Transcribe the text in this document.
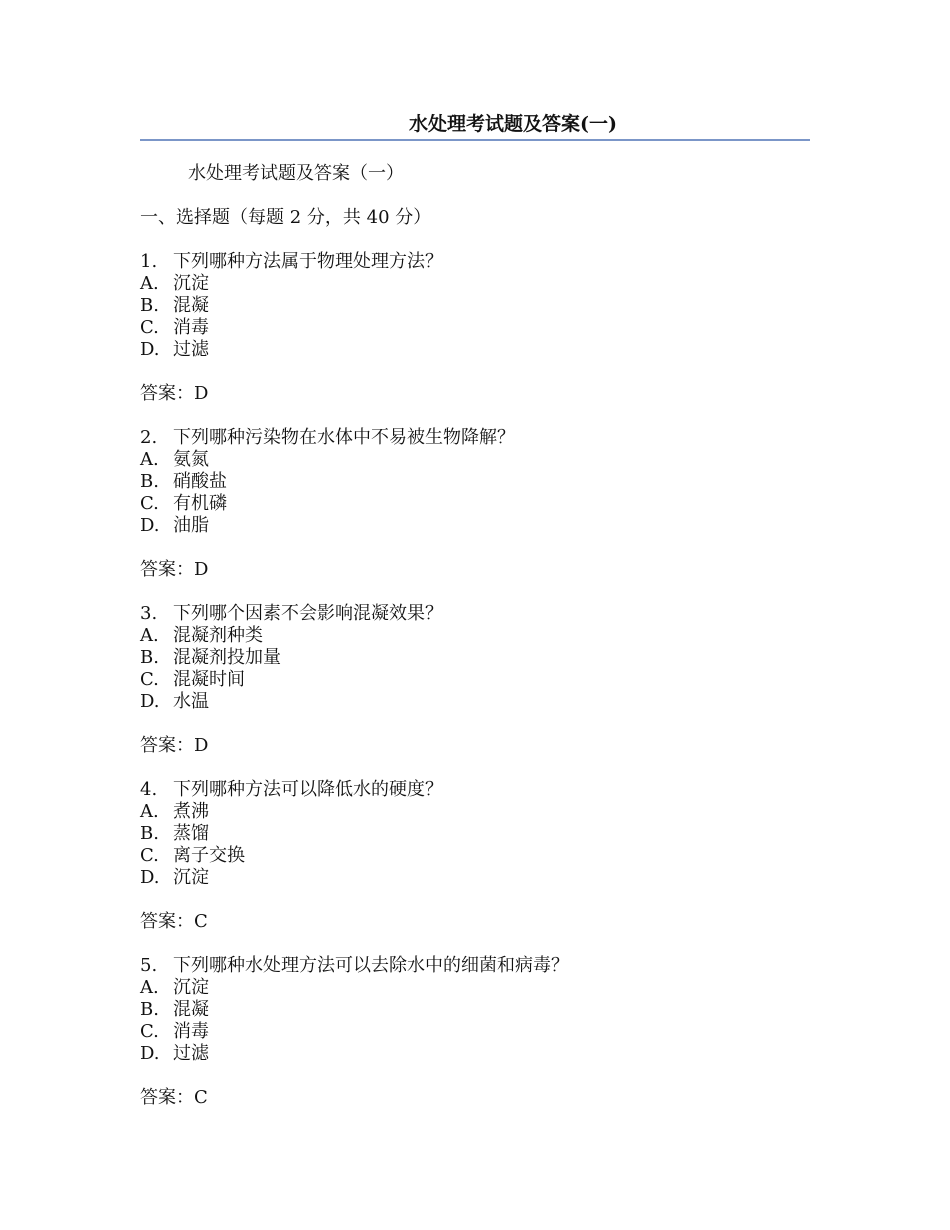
水处理考试题及答案(一)

水处理考试题及答案（一）

一、选择题（每题 2 分，共 40 分）

1. 下列哪种方法属于物理处理方法？

A. 沉淀

B. 混凝

C. 消毒

D. 过滤

答案：D

2. 下列哪种污染物在水体中不易被生物降解？

A. 氨氮

B. 硝酸盐

C. 有机磷

D. 油脂

答案：D

3. 下列哪个因素不会影响混凝效果？

A. 混凝剂种类

B. 混凝剂投加量

C. 混凝时间

D. 水温

答案：D

4. 下列哪种方法可以降低水的硬度？

A. 煮沸

B. 蒸馏

C. 离子交换

D. 沉淀

答案：C

5. 下列哪种水处理方法可以去除水中的细菌和病毒？

A. 沉淀

B. 混凝

C. 消毒

D. 过滤

答案：C
